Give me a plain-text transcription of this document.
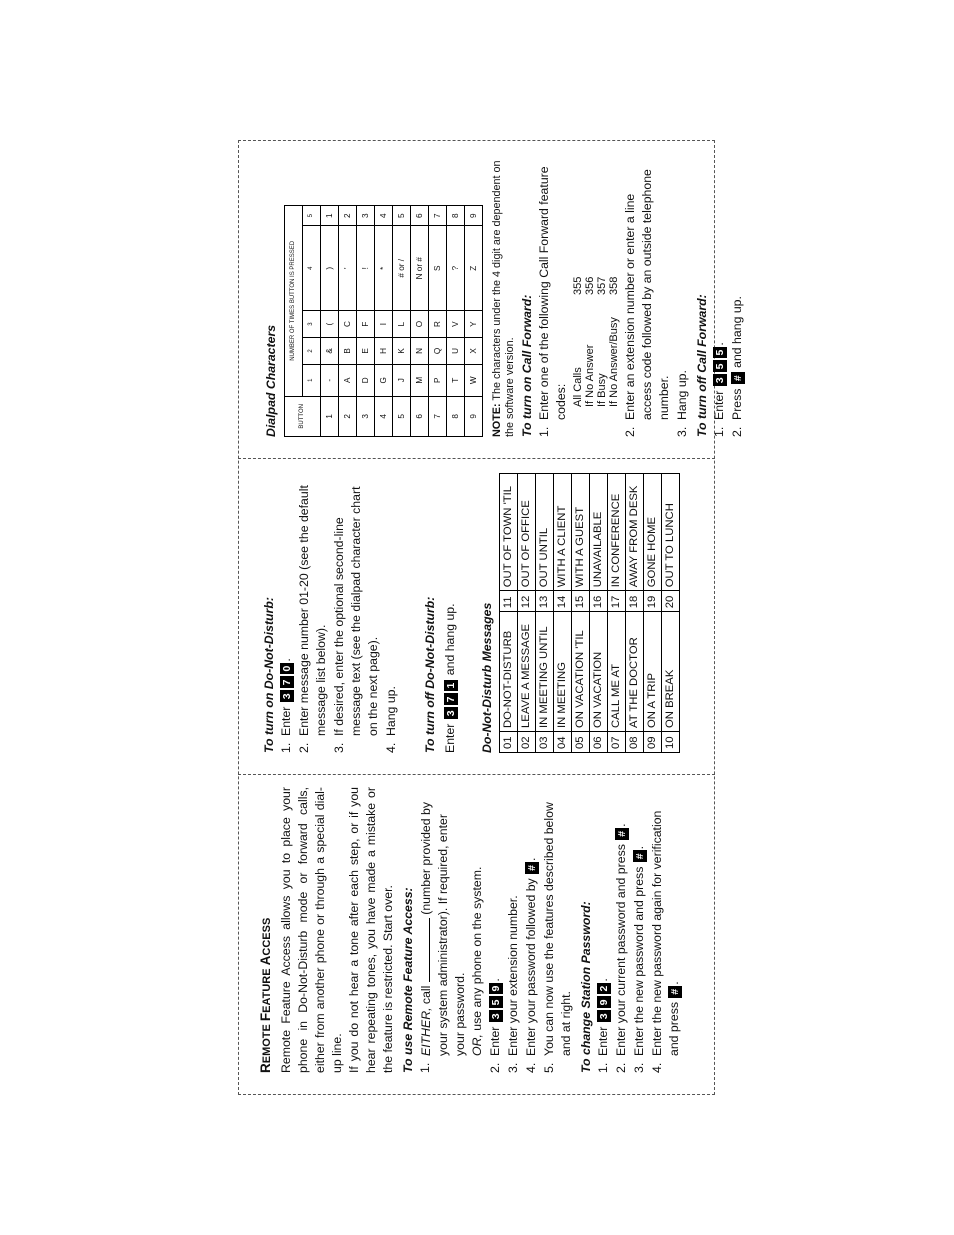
REMOTE FEATURE ACCESS Remote Feature Access allows you to place your phone in Do-Not-Disturb mode or forward calls, either from another phone or through a special dial-up line. If you do not hear a tone after each step, or if you hear repeating tones, you have made a mistake or the feature is restricted. Start over. To use Remote Feature Access: 1.
EITHER, call  (number provided by your system administrator). If required, enter your password. OR, use any phone on the system.
2.
Enter 359.
3.
Enter your extension number.
4.
Enter your password followed by #.
5.
You can now use the features described below and at right. To change Station Password: 1.
Enter 392.
2.
Enter your current password and press #.
3.
Enter the new password and press #.
4.
Enter the new password again for verification and press #.
To turn on Do-Not-Disturb: 1.
Enter 370.
2.
Enter message number 01-20 (see the default message list below).
3.
If desired, enter the optional second-line message text (see the dialpad character chart on the next page).
4.
Hang up. To turn off Do-Not-Disturb: Enter 371 and hang up. Do-Not-Disturb Messages 01	DO-NOT-DISTURB	11	OUT OF TOWN 'TIL
02	LEAVE A MESSAGE	12	OUT OF OFFICE
03	IN MEETING UNTIL	13	OUT UNTIL
04	IN MEETING	14	WITH A CLIENT
05	ON VACATION 'TIL	15	WITH A GUEST
06	ON VACATION	16	UNAVAILABLE
07	CALL ME AT	17	IN CONFERENCE
08	AT THE DOCTOR	18	AWAY FROM DESK
09	ON A TRIP	19	GONE HOME
10	ON BREAK	20	OUT TO LUNCH
Dialpad Characters	BUTTON	NUMBER OF TIMES BUTTON IS PRESSED				
	1	2	3	4	5
1	-	&	(	)	1
2	A	B	C	'	2
3	D	E	F	!	3
4	G	H	I	*	4
5	J	K	L	# or /	5
6	M	N	O	N or #	6
7	P	Q	R	S	7
8	T	U	V	?	8
9	W	X	Y	Z	9
NOTE: The characters under the 4 digit are dependent on the software version. To turn on Call Forward: 1.
Enter one of the following Call Forward feature codes: All Calls
355
If No Answer
356
If Busy
357
If No Answer/Busy
358
2.
Enter an extension number or enter a line access code followed by an outside telephone number.
3.
Hang up. To turn off Call Forward: 1.
Enter 355.
2.
Press # and hang up.
